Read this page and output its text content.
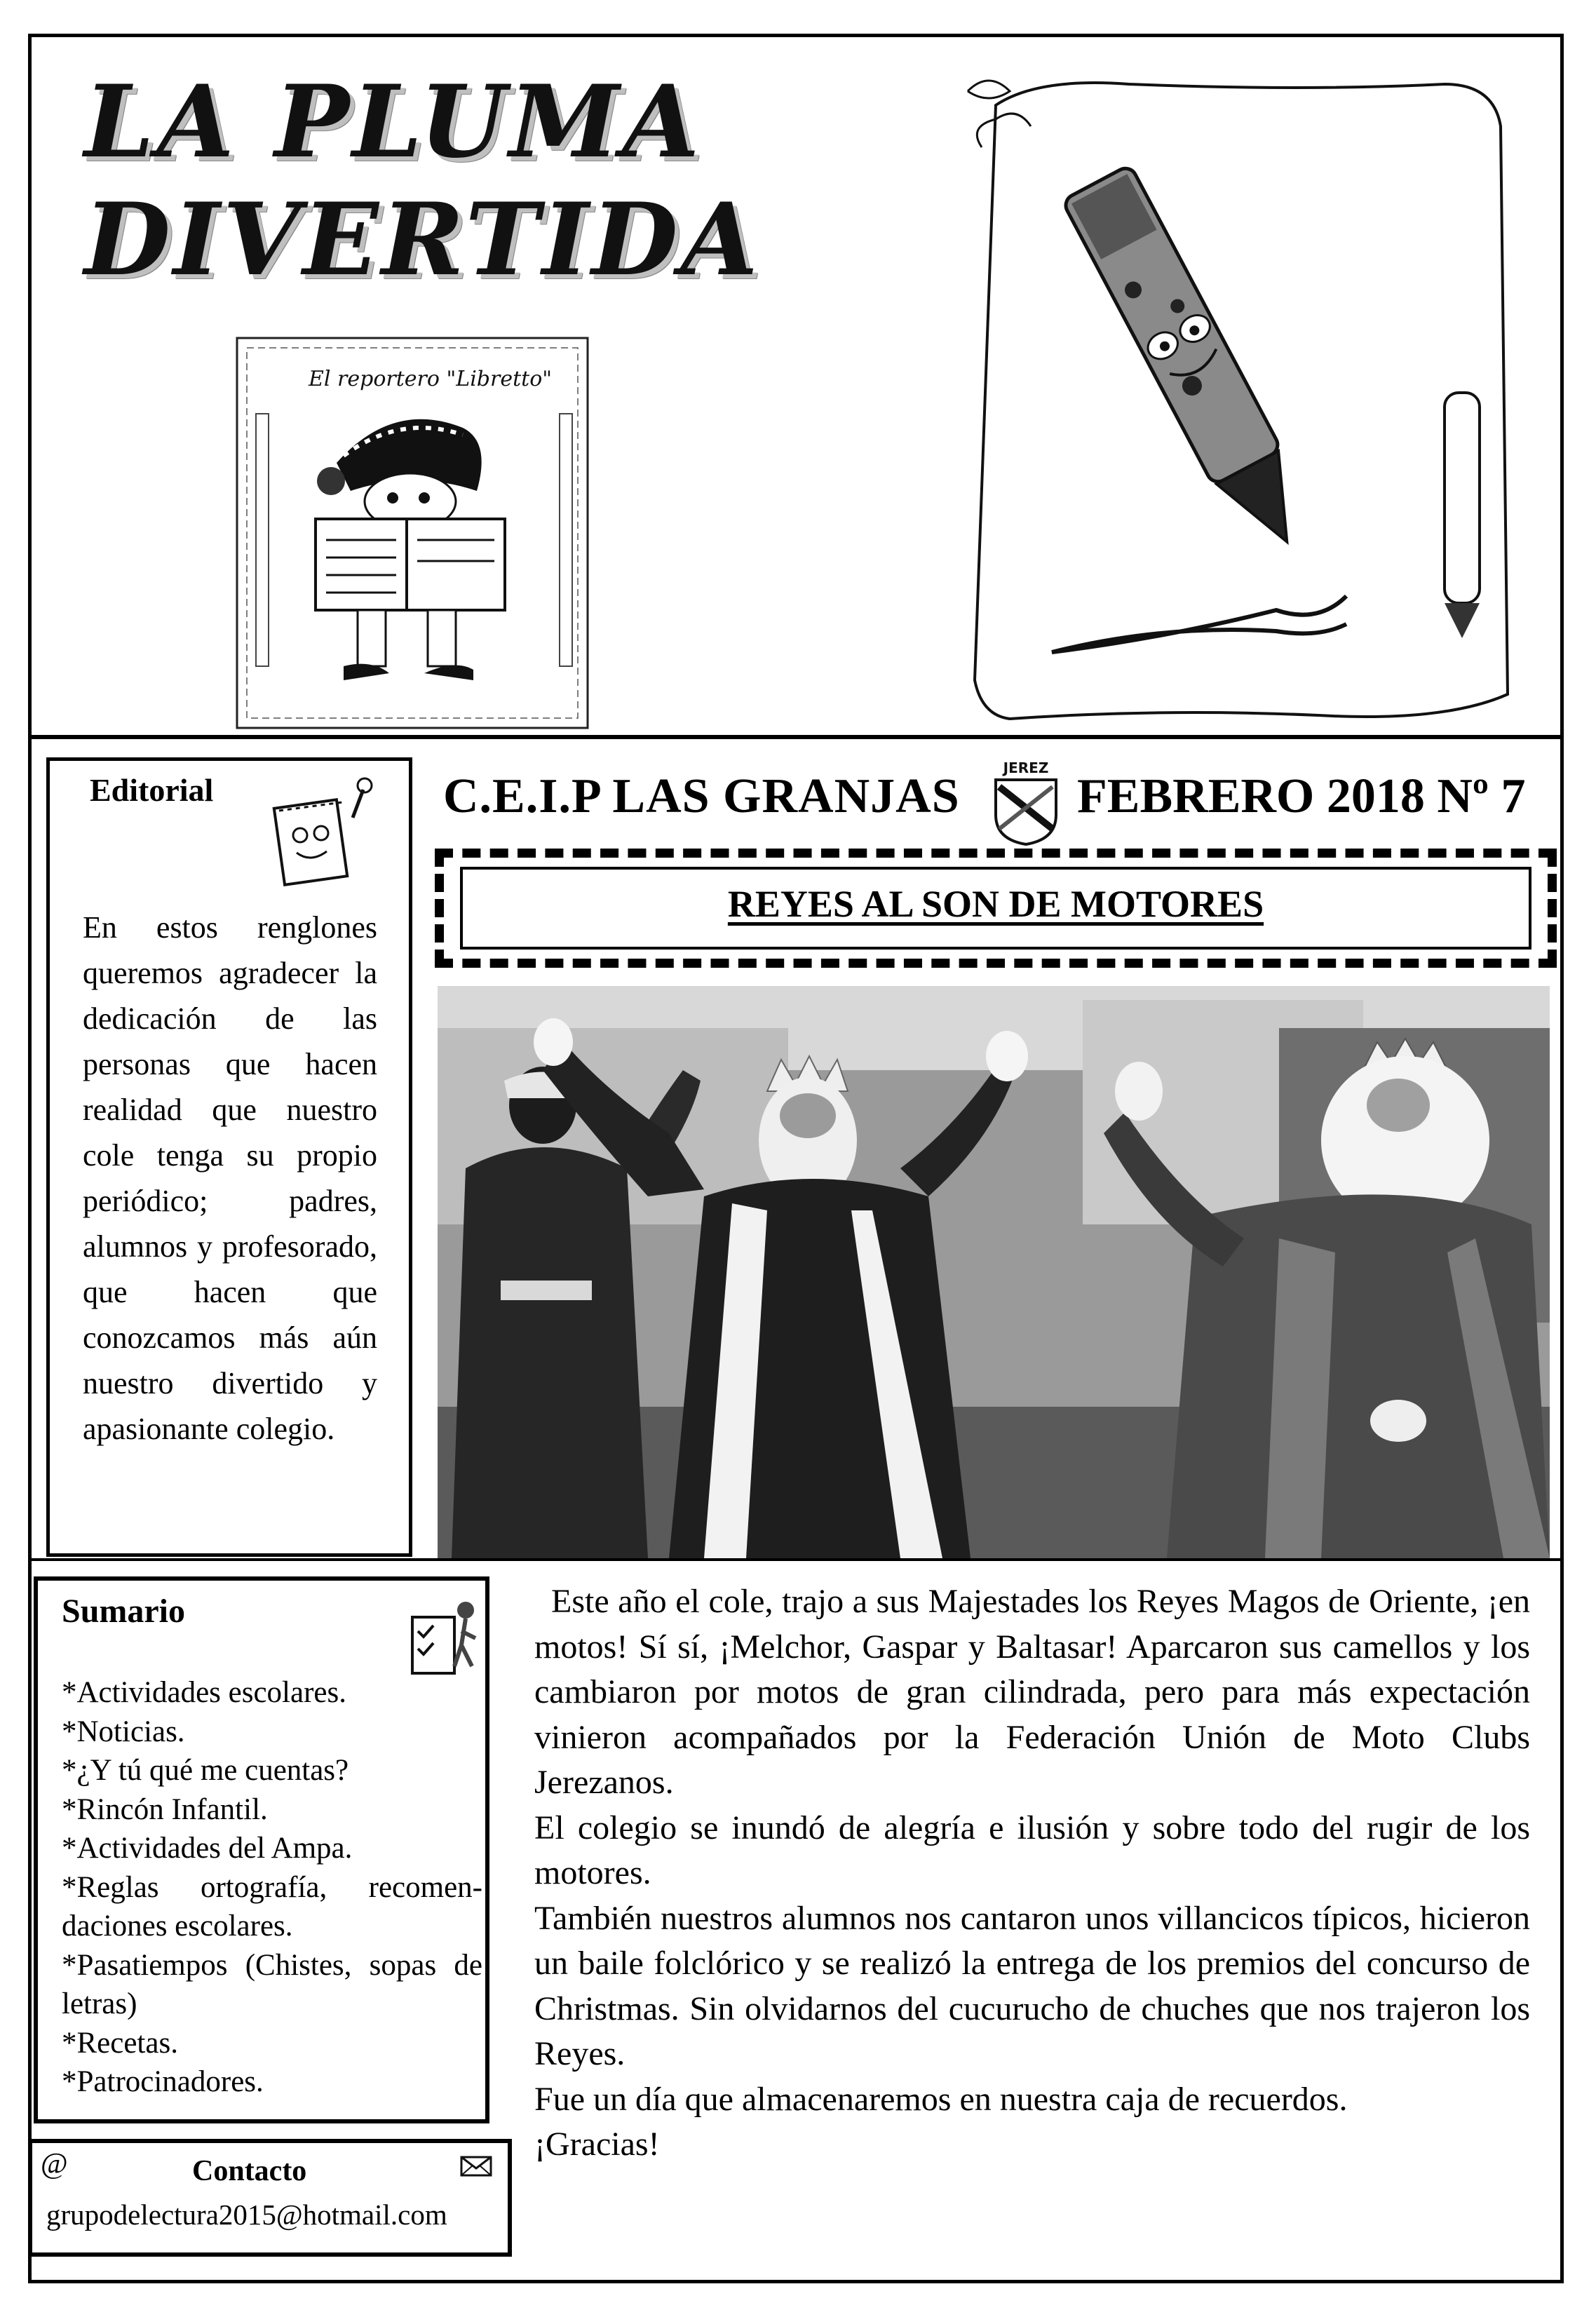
LA PLUMA
DIVERTIDA
El reportero "Libretto"
Editorial
En estos renglones queremos agradecer la dedicación de las personas que hacen realidad que nuestro cole tenga su propio periódico; padres, alumnos y profesorado, que hacen que conozcamos más aún nuestro divertido y apasionante colegio.
C.E.I.P LAS GRANJAS
JEREZ
FEBRERO 2018 Nº 7
REYES AL SON DE MOTORES
Sumario
*Actividades escolares.
*Noticias.
*¿Y tú qué me cuentas?
*Rincón Infantil.
*Actividades del Ampa.
*Reglas ortografía, recomendaciones escolares.
*Pasatiempos (Chistes, sopas de letras)
*Recetas.
*Patrocinadores.
@	Contacto
grupodelectura2015@hotmail.com

Este año el cole, trajo a sus Majestades los Reyes Magos de Oriente, ¡en motos! Sí sí, ¡Melchor, Gaspar y Baltasar! Aparcaron sus camellos y los cambiaron por motos de gran cilindrada, pero para más expectación vinieron acompañados por la Federación Unión de Moto Clubs Jerezanos.

El colegio se inundó de alegría e ilusión y sobre todo del rugir de los motores.

También nuestros alumnos nos cantaron unos villancicos típicos, hicieron un baile folclórico y se realizó la entrega de los premios del concurso de Christmas. Sin olvidarnos del cucurucho de chuches que nos trajeron los Reyes.

Fue un día que almacenaremos en nuestra caja de recuerdos.

¡Gracias!
